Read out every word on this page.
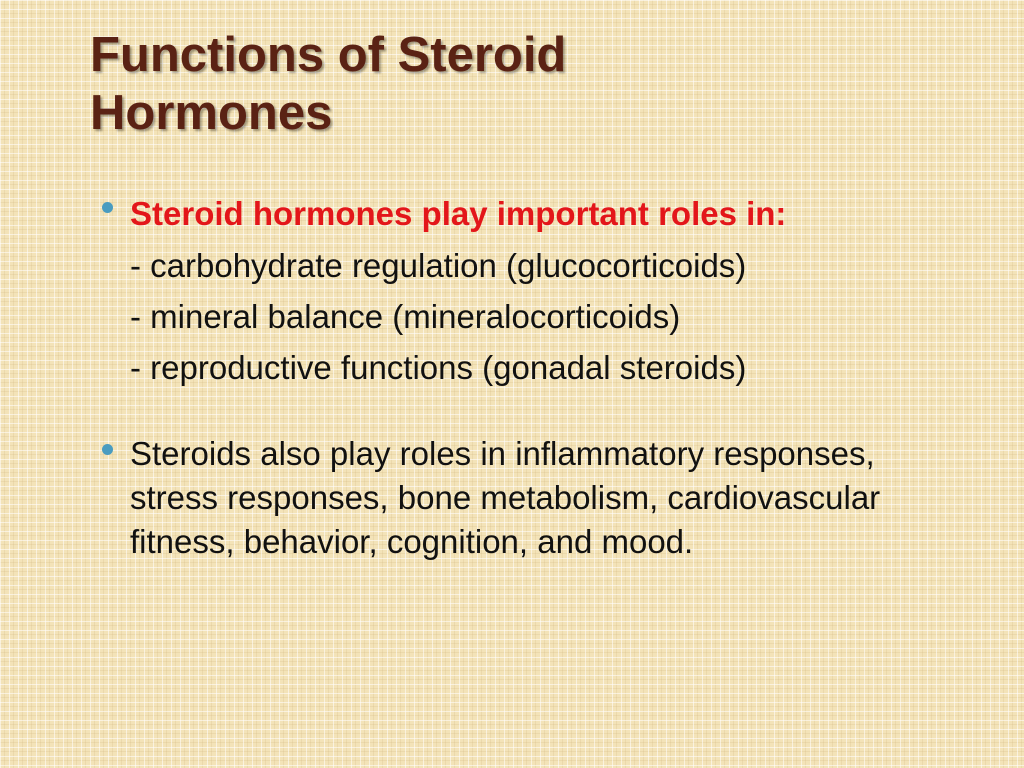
Functions of Steroid
Hormones
Steroid hormones play important roles in:
- carbohydrate regulation (glucocorticoids)
- mineral balance (mineralocorticoids)
- reproductive functions (gonadal steroids)
Steroids also play roles in inflammatory responses, stress responses, bone metabolism, cardiovascular fitness, behavior, cognition, and mood.
